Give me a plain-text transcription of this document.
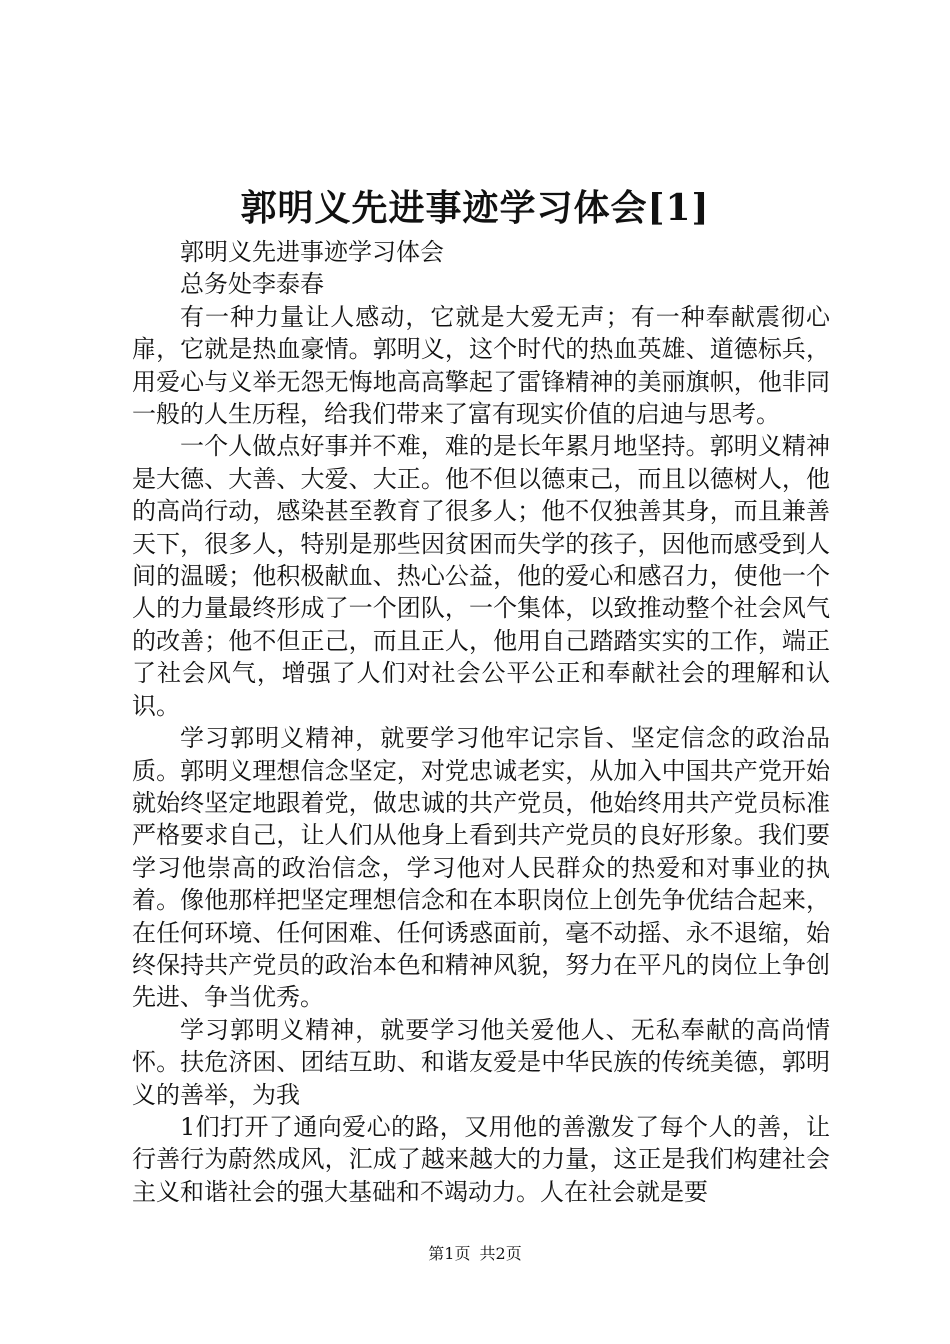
郭明义先进事迹学习体会[1]

郭明义先进事迹学习体会

总务处李泰春

有一种力量让人感动，它就是大爱无声；有一种奉献震彻心扉，它就是热血豪情。郭明义，这个时代的热血英雄、道德标兵，用爱心与义举无怨无悔地高高擎起了雷锋精神的美丽旗帜，他非同一般的人生历程，给我们带来了富有现实价值的启迪与思考。

一个人做点好事并不难，难的是长年累月地坚持。郭明义精神是大德、大善、大爱、大正。他不但以德束己，而且以德树人，他的高尚行动，感染甚至教育了很多人；他不仅独善其身，而且兼善天下，很多人，特别是那些因贫困而失学的孩子，因他而感受到人间的温暖；他积极献血、热心公益，他的爱心和感召力，使他一个人的力量最终形成了一个团队，一个集体，以致推动整个社会风气的改善；他不但正己，而且正人，他用自己踏踏实实的工作，端正了社会风气，增强了人们对社会公平公正和奉献社会的理解和认识。

学习郭明义精神，就要学习他牢记宗旨、坚定信念的政治品质。郭明义理想信念坚定，对党忠诚老实，从加入中国共产党开始就始终坚定地跟着党，做忠诚的共产党员，他始终用共产党员标准严格要求自己，让人们从他身上看到共产党员的良好形象。我们要学习他崇高的政治信念，学习他对人民群众的热爱和对事业的执着。像他那样把坚定理想信念和在本职岗位上创先争优结合起来，在任何环境、任何困难、任何诱惑面前，毫不动摇、永不退缩，始终保持共产党员的政治本色和精神风貌，努力在平凡的岗位上争创先进、争当优秀。

学习郭明义精神，就要学习他关爱他人、无私奉献的高尚情怀。扶危济困、团结互助、和谐友爱是中华民族的传统美德，郭明义的善举，为我

1们打开了通向爱心的路，又用他的善激发了每个人的善，让行善行为蔚然成风，汇成了越来越大的力量，这正是我们构建社会主义和谐社会的强大基础和不竭动力。人在社会就是要

第1页 共2页
